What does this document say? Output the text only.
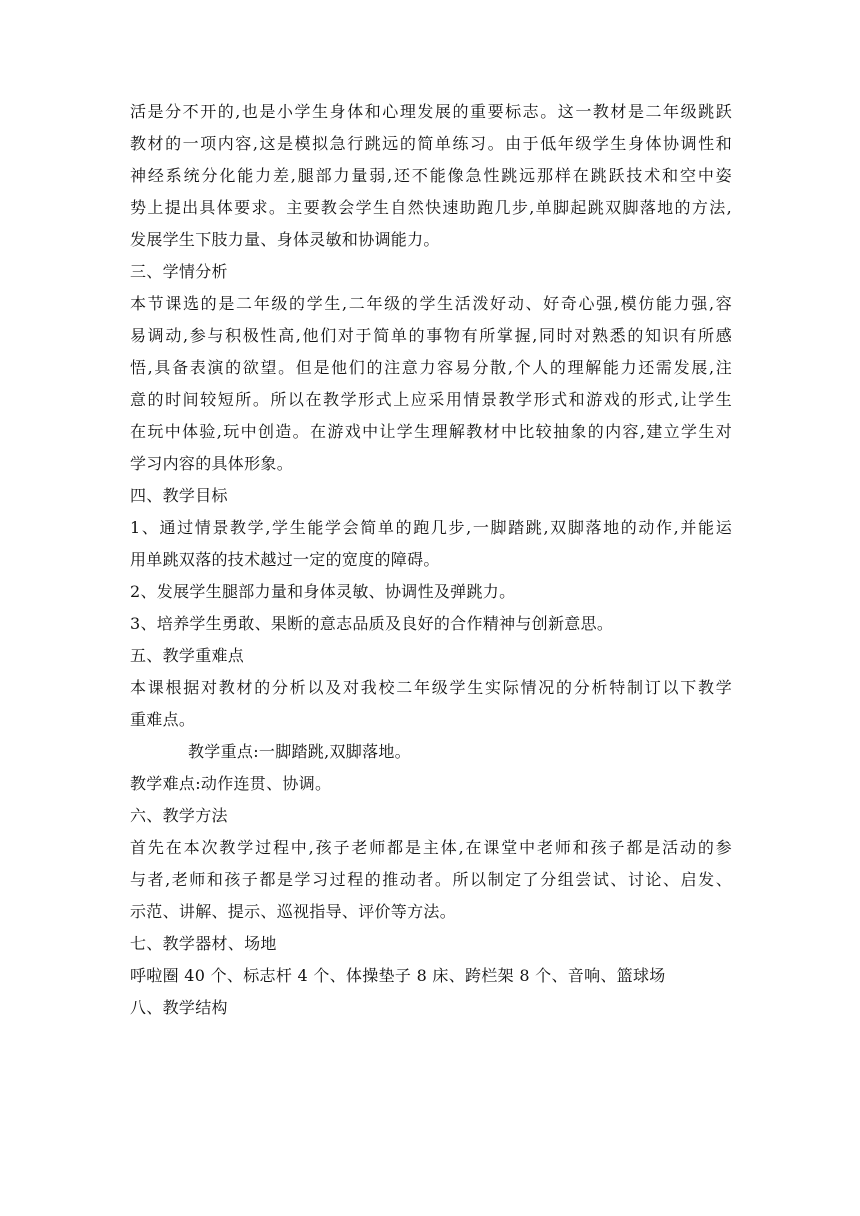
活是分不开的,也是小学生身体和心理发展的重要标志。这一教材是二年级跳跃
教材的一项内容,这是模拟急行跳远的简单练习。由于低年级学生身体协调性和
神经系统分化能力差,腿部力量弱,还不能像急性跳远那样在跳跃技术和空中姿
势上提出具体要求。主要教会学生自然快速助跑几步,单脚起跳双脚落地的方法,
发展学生下肢力量、身体灵敏和协调能力。
三、学情分析
本节课选的是二年级的学生,二年级的学生活泼好动、好奇心强,模仿能力强,容
易调动,参与积极性高,他们对于简单的事物有所掌握,同时对熟悉的知识有所感
悟,具备表演的欲望。但是他们的注意力容易分散,个人的理解能力还需发展,注
意的时间较短所。所以在教学形式上应采用情景教学形式和游戏的形式,让学生
在玩中体验,玩中创造。在游戏中让学生理解教材中比较抽象的内容,建立学生对
学习内容的具体形象。
四、教学目标
1、通过情景教学,学生能学会简单的跑几步,一脚踏跳,双脚落地的动作,并能运
用单跳双落的技术越过一定的宽度的障碍。
2、发展学生腿部力量和身体灵敏、协调性及弹跳力。
3、培养学生勇敢、果断的意志品质及良好的合作精神与创新意思。
五、教学重难点
本课根据对教材的分析以及对我校二年级学生实际情况的分析特制订以下教学
重难点。
教学重点:一脚踏跳,双脚落地。
教学难点:动作连贯、协调。
六、教学方法
首先在本次教学过程中,孩子老师都是主体,在课堂中老师和孩子都是活动的参
与者,老师和孩子都是学习过程的推动者。所以制定了分组尝试、讨论、启发、
示范、讲解、提示、巡视指导、评价等方法。
七、教学器材、场地
呼啦圈 40 个、标志杆 4 个、体操垫子 8 床、跨栏架 8 个、音响、篮球场
八、教学结构
